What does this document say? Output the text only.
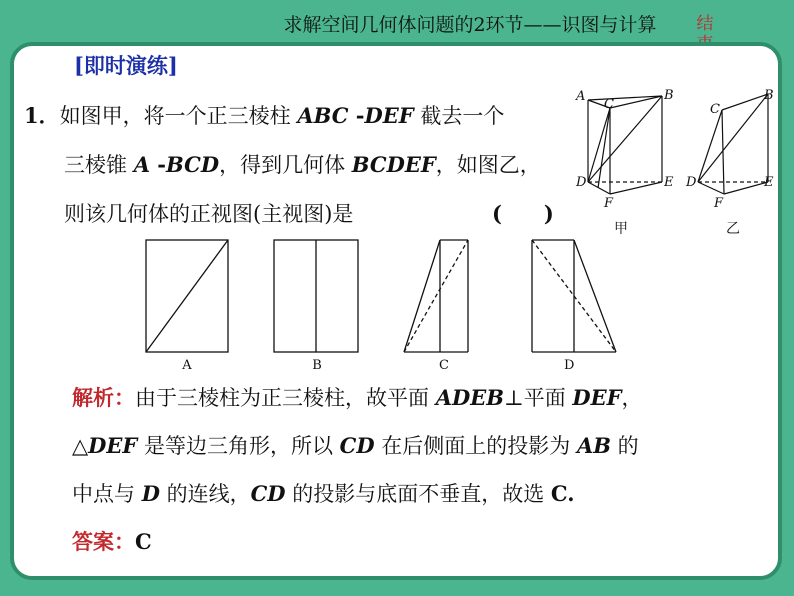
求解空间几何体问题的2环节——识图与计算	结
[即时演练]
1．如图甲，将一个正三棱柱 ABC -DEF 截去一个
三棱锥 A -BCD，得到几何体 BCDEF，如图乙，
则该几何体的正视图(主视图)是	(　　)
A
C
B
D	E
F
甲
C
B
D	E
F
乙
A	B	C	D
解析：由于三棱柱为正三棱柱，故平面 ADEB⊥平面 DEF，
△DEF 是等边三角形，所以 CD 在后侧面上的投影为 AB 的
中点与 D 的连线，CD 的投影与底面不垂直，故选 C.
答案：C
